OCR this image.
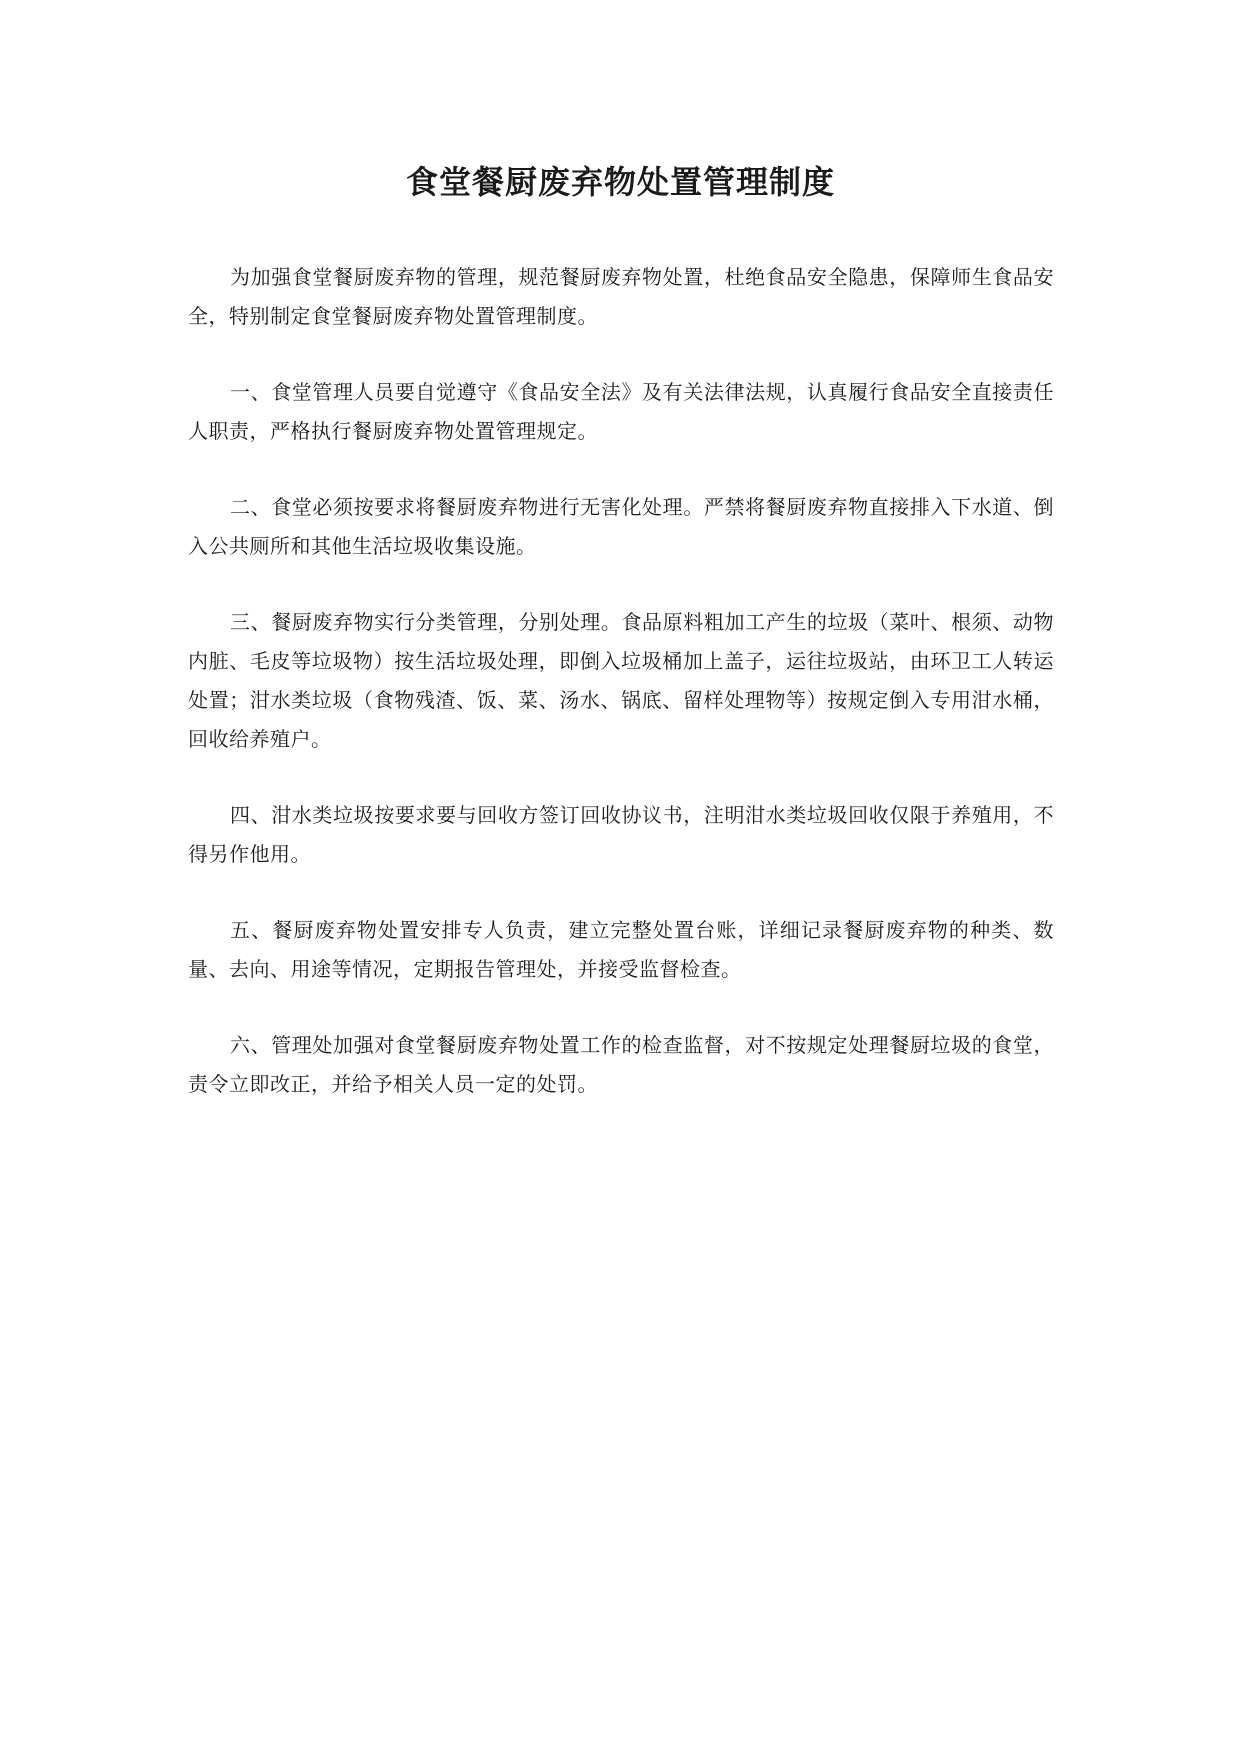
食堂餐厨废弃物处置管理制度

为加强食堂餐厨废弃物的管理，规范餐厨废弃物处置，杜绝食品安全隐患，保障师生食品安全，特别制定食堂餐厨废弃物处置管理制度。

一、食堂管理人员要自觉遵守《食品安全法》及有关法律法规，认真履行食品安全直接责任人职责，严格执行餐厨废弃物处置管理规定。

二、食堂必须按要求将餐厨废弃物进行无害化处理。严禁将餐厨废弃物直接排入下水道、倒入公共厕所和其他生活垃圾收集设施。

三、餐厨废弃物实行分类管理，分别处理。食品原料粗加工产生的垃圾（菜叶、根须、动物内脏、毛皮等垃圾物）按生活垃圾处理，即倒入垃圾桶加上盖子，运往垃圾站，由环卫工人转运处置；泔水类垃圾（食物残渣、饭、菜、汤水、锅底、留样处理物等）按规定倒入专用泔水桶，回收给养殖户。

四、泔水类垃圾按要求要与回收方签订回收协议书，注明泔水类垃圾回收仅限于养殖用，不得另作他用。

五、餐厨废弃物处置安排专人负责，建立完整处置台账，详细记录餐厨废弃物的种类、数量、去向、用途等情况，定期报告管理处，并接受监督检查。

六、管理处加强对食堂餐厨废弃物处置工作的检查监督，对不按规定处理餐厨垃圾的食堂，责令立即改正，并给予相关人员一定的处罚。
